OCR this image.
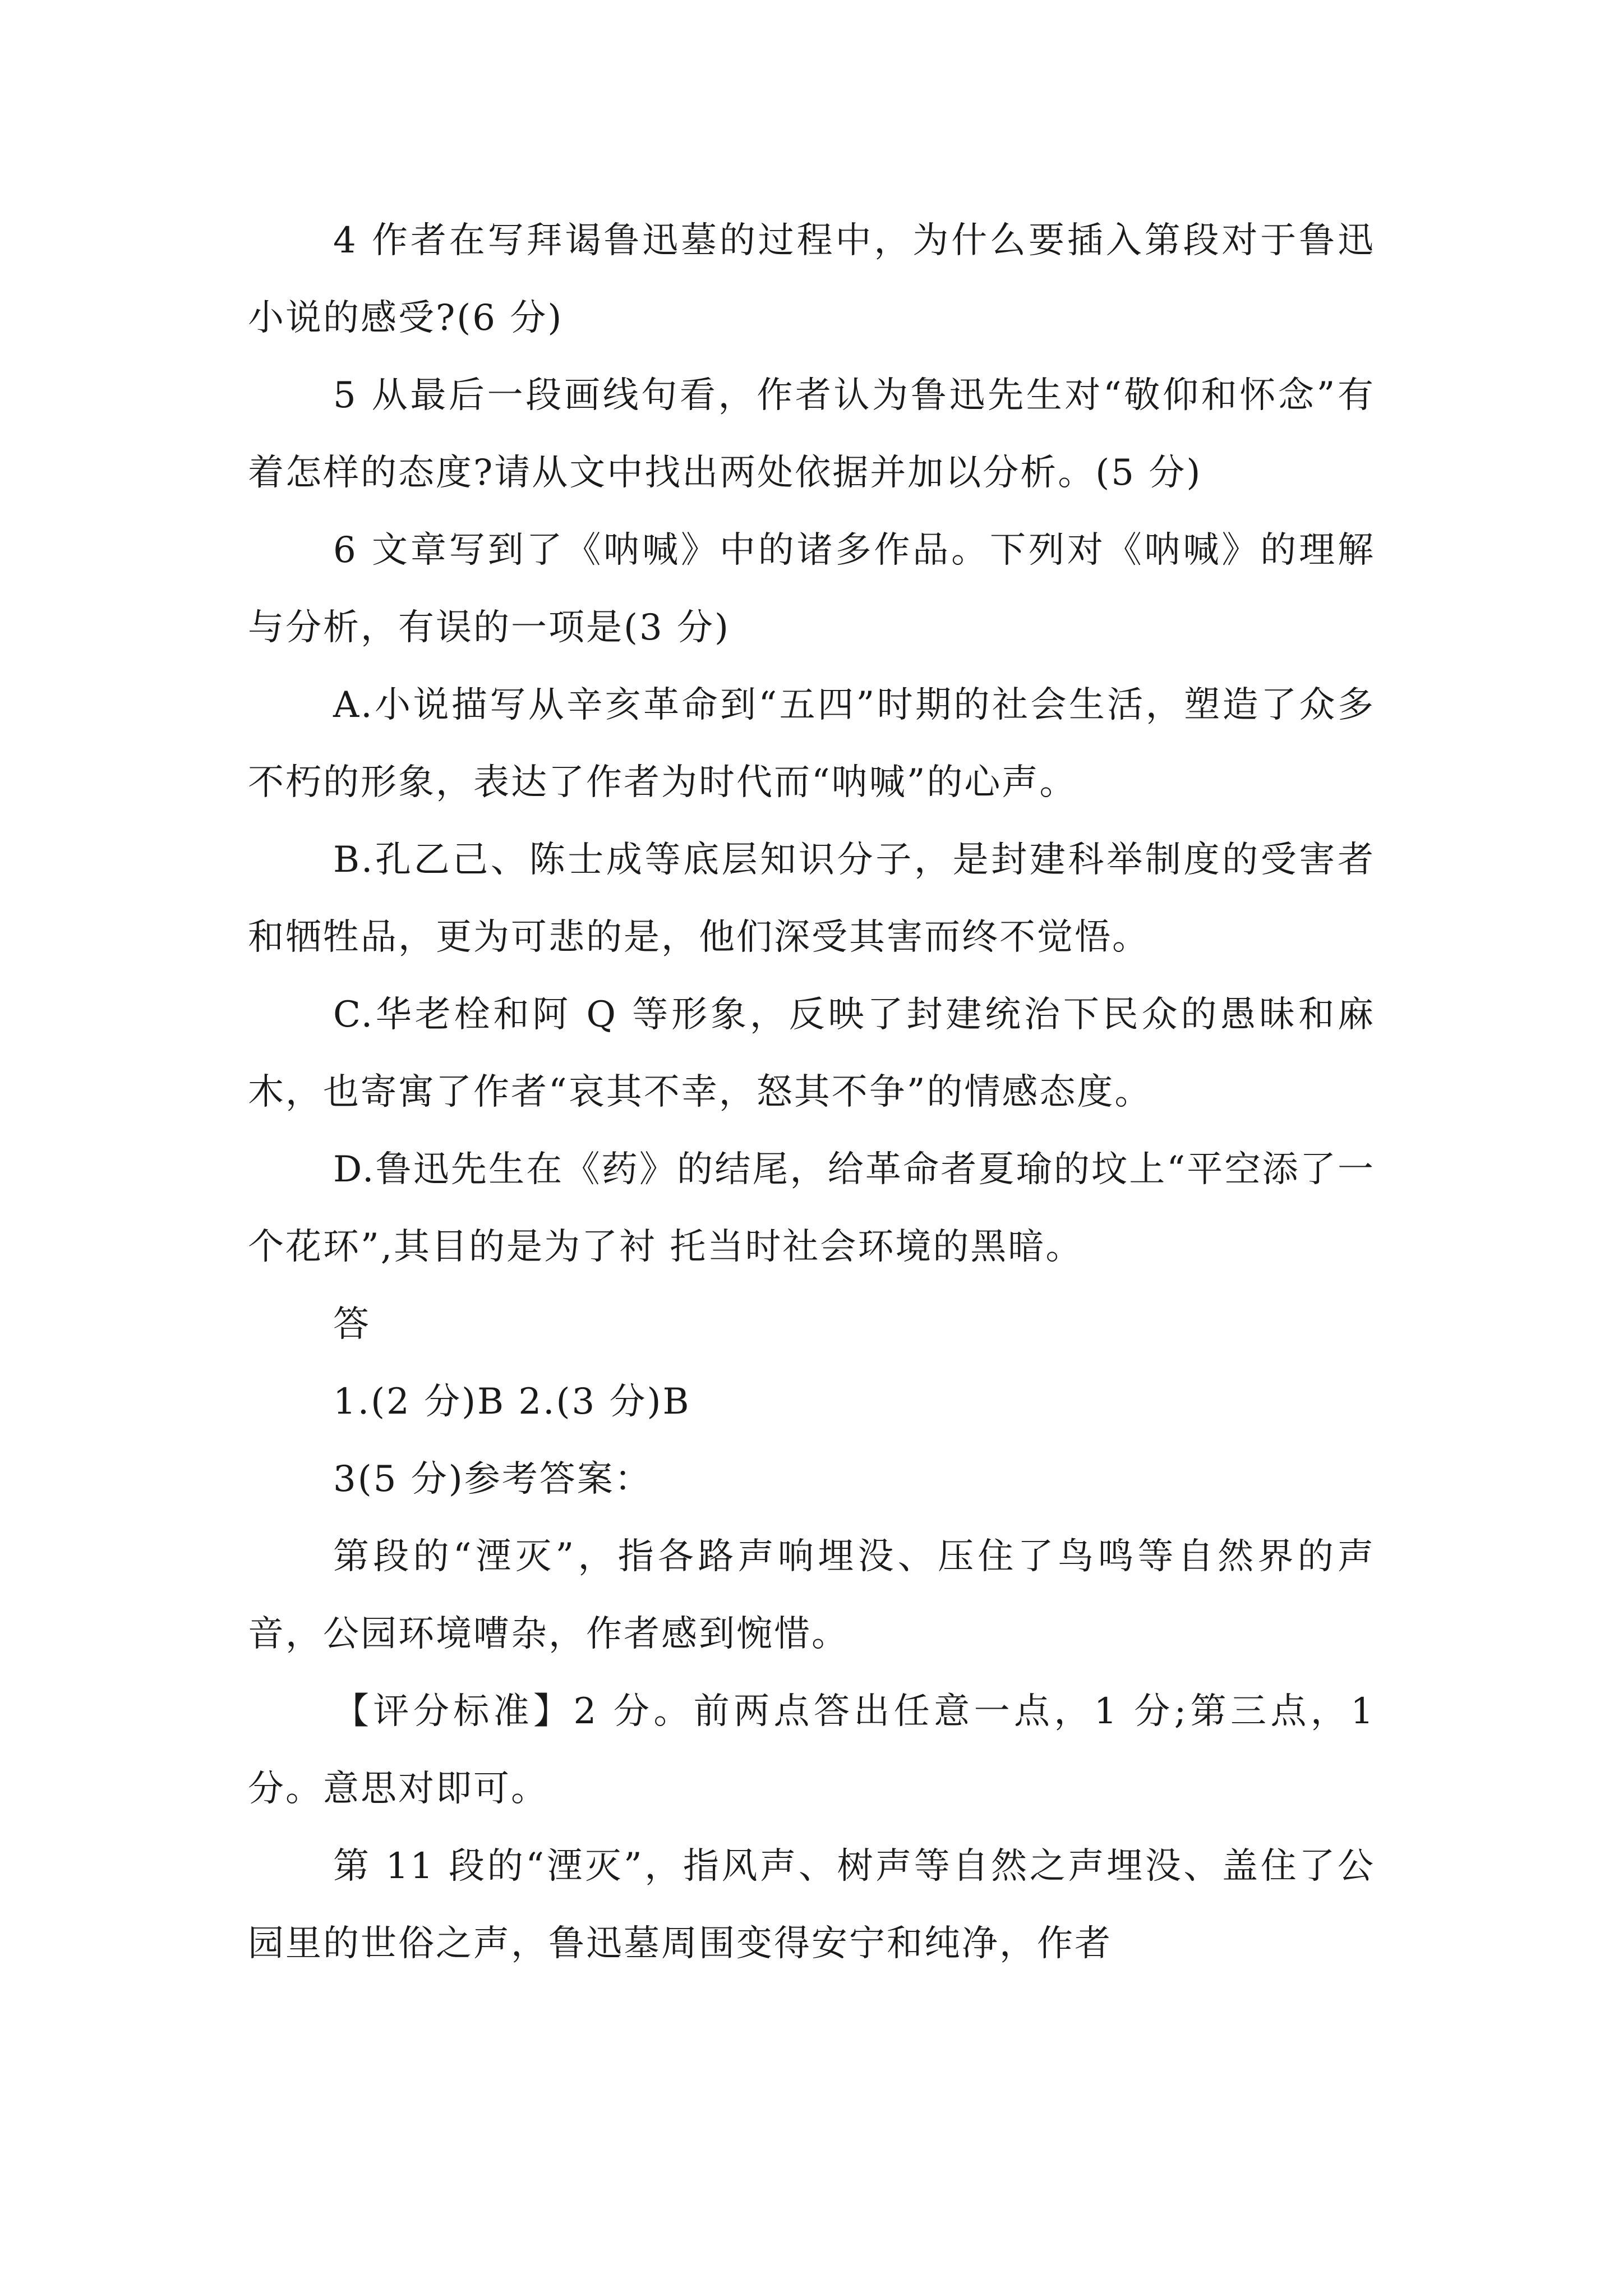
4 作者在写拜谒鲁迅墓的过程中，为什么要插入第段对于鲁迅小说的感受?(6 分)

5 从最后一段画线句看，作者认为鲁迅先生对“敬仰和怀念”有着怎样的态度?请从文中找出两处依据并加以分析。(5 分)

6 文章写到了《呐喊》中的诸多作品。下列对《呐喊》的理解与分析，有误的一项是(3 分)

A.小说描写从辛亥革命到“五四”时期的社会生活，塑造了众多不朽的形象，表达了作者为时代而“呐喊”的心声。

B.孔乙己、陈士成等底层知识分子，是封建科举制度的受害者和牺牲品，更为可悲的是，他们深受其害而终不觉悟。

C.华老栓和阿 Q 等形象，反映了封建统治下民众的愚昧和麻木，也寄寓了作者“哀其不幸，怒其不争”的情感态度。

D.鲁迅先生在《药》的结尾，给革命者夏瑜的坟上“平空添了一个花环”,其目的是为了衬 托当时社会环境的黑暗。

答

1.(2 分)B 2.(3 分)B

3(5 分)参考答案：

第段的“湮灭”，指各路声响埋没、压住了鸟鸣等自然界的声音，公园环境嘈杂，作者感到惋惜。

【评分标准】2 分。前两点答出任意一点，1 分;第三点，1 分。意思对即可。

第 11 段的“湮灭”，指风声、树声等自然之声埋没、盖住了公园里的世俗之声，鲁迅墓周围变得安宁和纯净，作者
